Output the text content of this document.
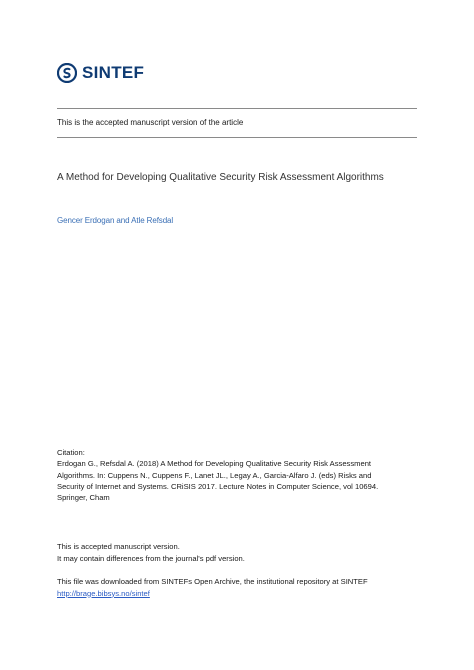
SINTEF
This is the accepted manuscript version of the article
A Method for Developing Qualitative Security Risk Assessment Algorithms
Gencer Erdogan and Atle Refsdal
Citation:
Erdogan G., Refsdal A. (2018) A Method for Developing Qualitative Security Risk Assessment
Algorithms. In: Cuppens N., Cuppens F., Lanet JL., Legay A., Garcia-Alfaro J. (eds) Risks and
Security of Internet and Systems. CRiSIS 2017. Lecture Notes in Computer Science, vol 10694.
Springer, Cham
This is accepted manuscript version.
It may contain differences from the journal's pdf version.
This file was downloaded from SINTEFs Open Archive, the institutional repository at SINTEF
http://brage.bibsys.no/sintef
